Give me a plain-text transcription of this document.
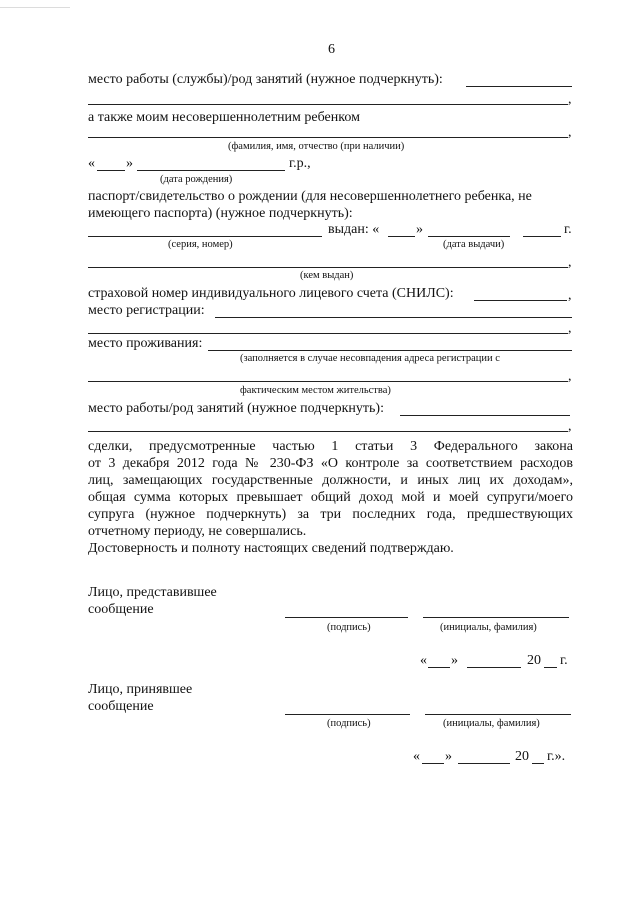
6
место работы (службы)/род занятий (нужное подчеркнуть):
,
а также моим несовершеннолетним ребенком
,
(фамилия, имя, отчество (при наличии)
« »	г.р.,
(дата рождения)
паспорт/свидетельство о рождении (для несовершеннолетнего ребенка, не
имеющего паспорта) (нужное подчеркнуть):
выдан: «	»	г.
(серия, номер)	(дата выдачи)
,
(кем выдан)
страховой номер индивидуального лицевого счета (СНИЛС):	,
место регистрации:
,
место проживания:
(заполняется в случае несовпадения адреса регистрации с
,
фактическим местом жительства)
место работы/род занятий (нужное подчеркнуть):
,
сделки, предусмотренные частью 1 статьи 3 Федерального закона
от 3 декабря 2012 года № 230-ФЗ «О контроле за соответствием расходов
лиц, замещающих государственные должности, и иных лиц их доходам»,
общая сумма которых превышает общий доход мой и моей супруги/моего
супруга (нужное подчеркнуть) за три последних года, предшествующих
отчетному периоду, не совершались.
Достоверность и полноту настоящих сведений подтверждаю.
Лицо, представившее
сообщение
(подпись)	(инициалы, фамилия)
« »	20 г.
Лицо, принявшее
сообщение
(подпись)	(инициалы, фамилия)
« »	20 г.».
